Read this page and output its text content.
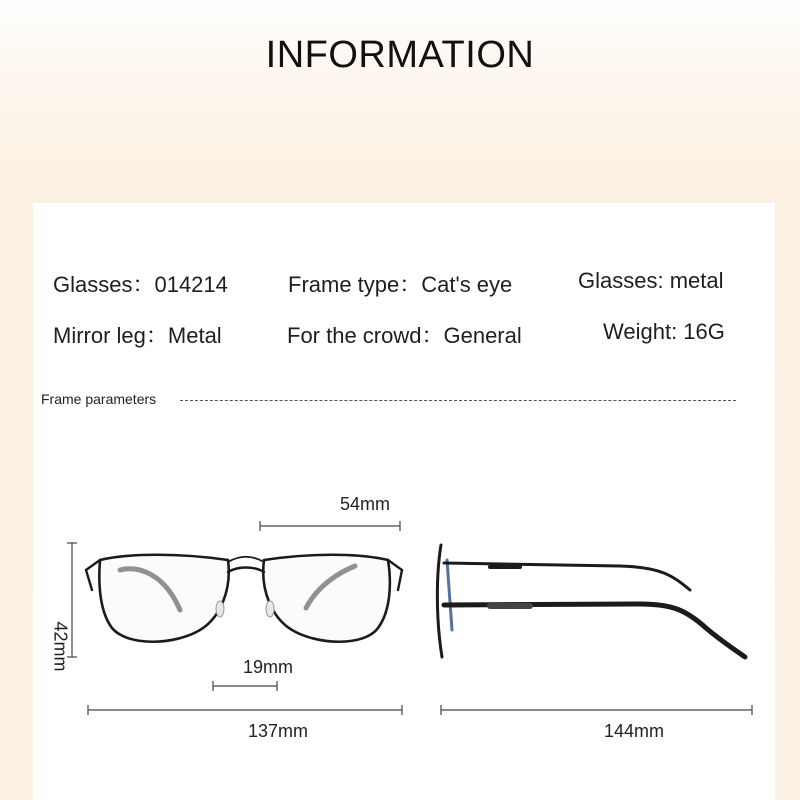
INFORMATION
Glasses：014214	Frame type：Cat's eye	Glasses: metal
Mirror leg：Metal	For the crowd：General	Weight: 16G
Frame parameters
54mm
42mm	19mm
137mm	144mm
